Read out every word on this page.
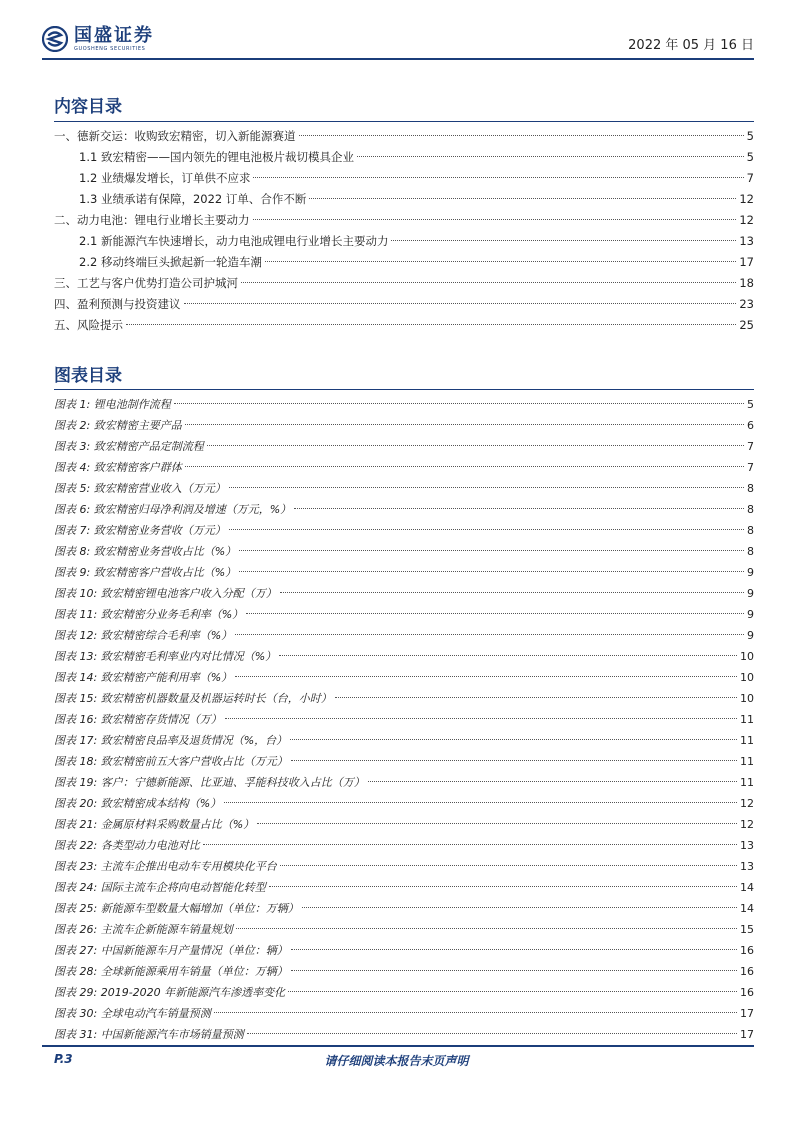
国盛证券
GUOSHENG SECURITIES	2022 年 05 月 16 日
内容目录
一、德新交运：收购致宏精密，切入新能源赛道	5
1.1 致宏精密——国内领先的锂电池极片裁切模具企业	5
1.2 业绩爆发增长，订单供不应求	7
1.3 业绩承诺有保障，2022 订单、合作不断	12
二、动力电池：锂电行业增长主要动力	12
2.1 新能源汽车快速增长，动力电池成锂电行业增长主要动力	13
2.2 移动终端巨头掀起新一轮造车潮	17
三、工艺与客户优势打造公司护城河	18
四、盈利预测与投资建议	23
五、风险提示	25
图表目录
图表 1: 锂电池制作流程	5
图表 2: 致宏精密主要产品	6
图表 3: 致宏精密产品定制流程	7
图表 4: 致宏精密客户群体	7
图表 5: 致宏精密营业收入（万元）	8
图表 6: 致宏精密归母净利润及增速（万元，%）	8
图表 7: 致宏精密业务营收（万元）	8
图表 8: 致宏精密业务营收占比（%）	8
图表 9: 致宏精密客户营收占比（%）	9
图表 10: 致宏精密锂电池客户收入分配（万）	9
图表 11: 致宏精密分业务毛利率（%）	9
图表 12: 致宏精密综合毛利率（%）	9
图表 13: 致宏精密毛利率业内对比情况（%）	10
图表 14: 致宏精密产能利用率（%）	10
图表 15: 致宏精密机器数量及机器运转时长（台，小时）	10
图表 16: 致宏精密存货情况（万）	11
图表 17: 致宏精密良品率及退货情况（%，台）	11
图表 18: 致宏精密前五大客户营收占比（万元）	11
图表 19: 客户：宁德新能源、比亚迪、孚能科技收入占比（万）	11
图表 20: 致宏精密成本结构（%）	12
图表 21: 金属原材料采购数量占比（%）	12
图表 22: 各类型动力电池对比	13
图表 23: 主流车企推出电动车专用模块化平台	13
图表 24: 国际主流车企将向电动智能化转型	14
图表 25: 新能源车型数量大幅增加（单位：万辆）	14
图表 26: 主流车企新能源车销量规划	15
图表 27: 中国新能源车月产量情况（单位：辆）	16
图表 28: 全球新能源乘用车销量（单位：万辆）	16
图表 29: 2019-2020 年新能源汽车渗透率变化	16
图表 30: 全球电动汽车销量预测	17
图表 31: 中国新能源汽车市场销量预测	17
P.3	请仔细阅读本报告末页声明
